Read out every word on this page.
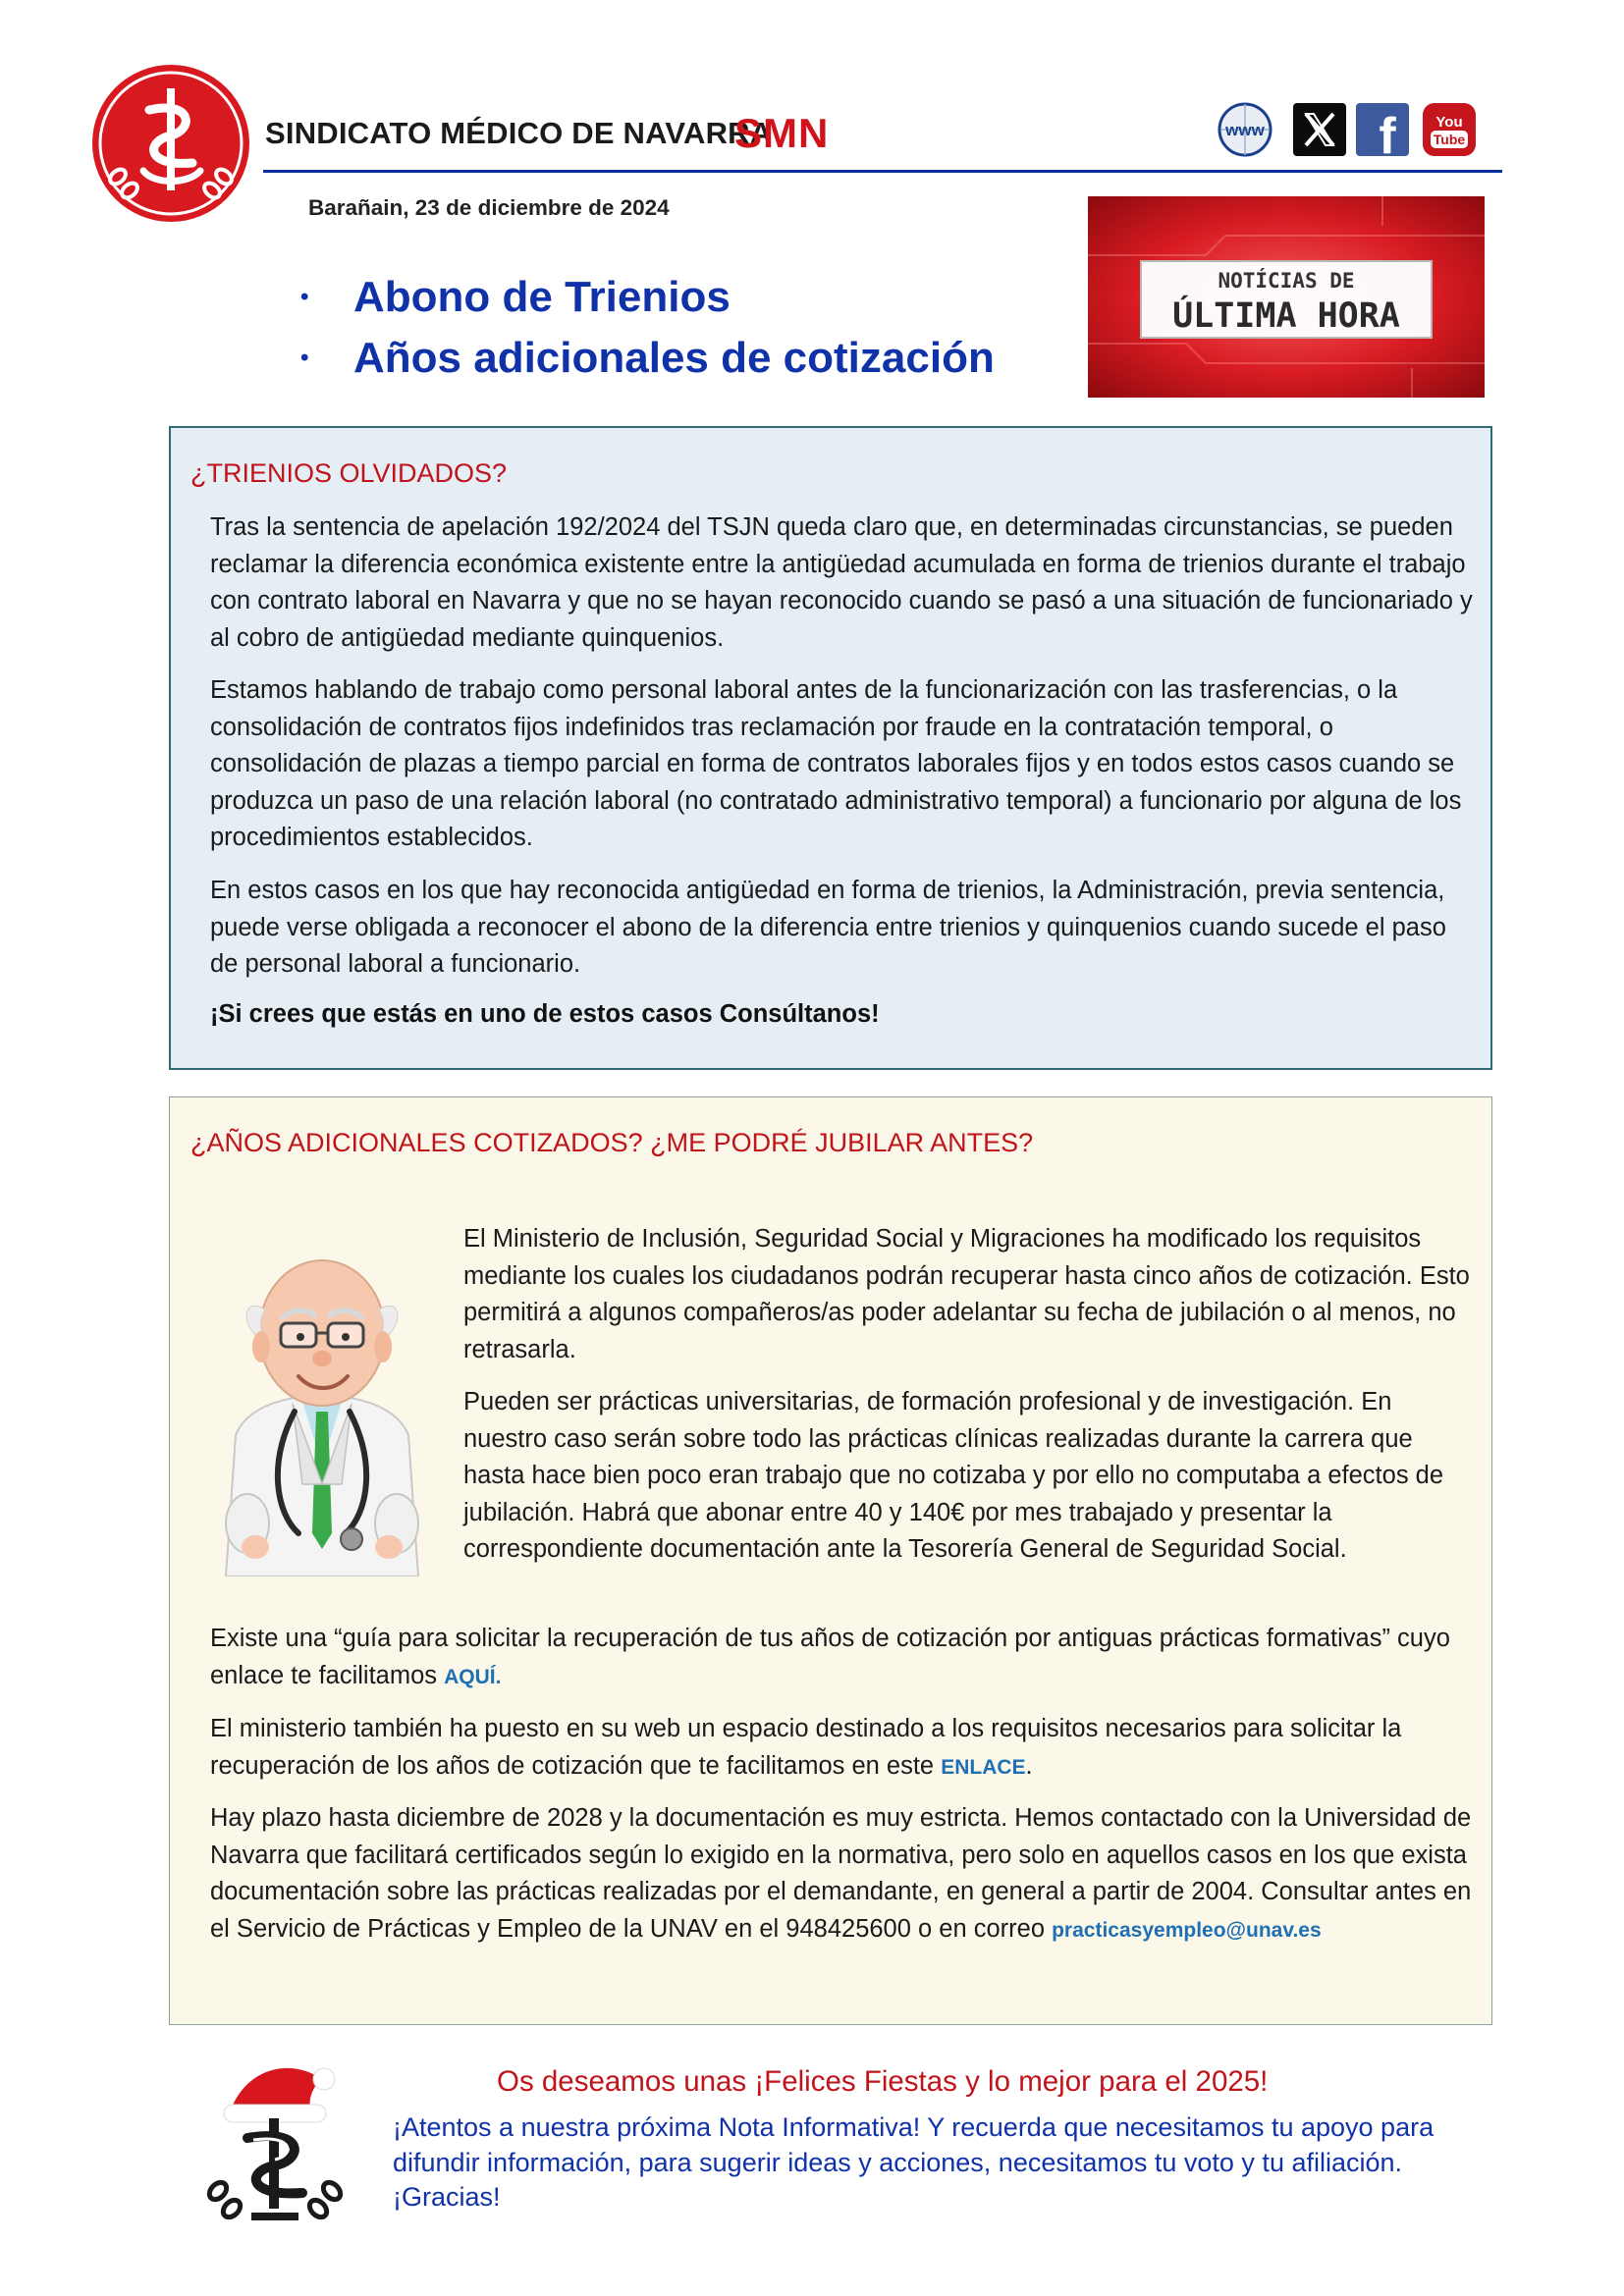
SINDICATO MÉDICO DE NAVARRA
SMN	www f	You
Tube
Barañain, 23 de diciembre de 2024
• Abono de Trienios
• Años adicionales de cotización
NOTÍCIAS DE
ÚLTIMA HORA
¿TRIENIOS OLVIDADOS?

Tras la sentencia de apelación 192/2024 del TSJN queda claro que, en determinadas circunstancias, se pueden reclamar la diferencia económica existente entre la antigüedad acumulada en forma de trienios durante el trabajo con contrato laboral en Navarra y que no se hayan reconocido cuando se pasó a una situación de funcionariado y al cobro de antigüedad mediante quinquenios.

Estamos hablando de trabajo como personal laboral antes de la funcionarización con las trasferencias, o la consolidación de contratos fijos indefinidos tras reclamación por fraude en la contratación temporal, o consolidación de plazas a tiempo parcial en forma de contratos laborales fijos y en todos estos casos cuando se produzca un paso de una relación laboral (no contratado administrativo temporal) a funcionario por alguna de los procedimientos establecidos.

En estos casos en los que hay reconocida antigüedad en forma de trienios, la Administración, previa sentencia, puede verse obligada a reconocer el abono de la diferencia entre trienios y quinquenios cuando sucede el paso de personal laboral a funcionario.

¡Si crees que estás en uno de estos casos Consúltanos!
¿AÑOS ADICIONALES COTIZADOS? ¿ME PODRÉ JUBILAR ANTES?

El Ministerio de Inclusión, Seguridad Social y Migraciones ha modificado los requisitos mediante los cuales los ciudadanos podrán recuperar hasta cinco años de cotización. Esto permitirá a algunos compañeros/as poder adelantar su fecha de jubilación o al menos, no retrasarla.

Pueden ser prácticas universitarias, de formación profesional y de investigación. En nuestro caso serán sobre todo las prácticas clínicas realizadas durante la carrera que hasta hace bien poco eran trabajo que no cotizaba y por ello no computaba a efectos de jubilación. Habrá que abonar entre 40 y 140€ por mes trabajado y presentar la correspondiente documentación ante la Tesorería General de Seguridad Social.

Existe una “guía para solicitar la recuperación de tus años de cotización por antiguas prácticas formativas” cuyo enlace te facilitamos AQUÍ.

El ministerio también ha puesto en su web un espacio destinado a los requisitos necesarios para solicitar la recuperación de los años de cotización que te facilitamos en este ENLACE.

Hay plazo hasta diciembre de 2028 y la documentación es muy estricta. Hemos contactado con la Universidad de Navarra que facilitará certificados según lo exigido en la normativa, pero solo en aquellos casos en los que exista documentación sobre las prácticas realizadas por el demandante, en general a partir de 2004. Consultar antes en el Servicio de Prácticas y Empleo de la UNAV en el 948425600 o en correo practicasyempleo@unav.es

Os deseamos unas ¡Felices Fiestas y lo mejor para el 2025!

¡Atentos a nuestra próxima Nota Informativa! Y recuerda que necesitamos tu apoyo para difundir información, para sugerir ideas y acciones, necesitamos tu voto y tu afiliación. ¡Gracias!
